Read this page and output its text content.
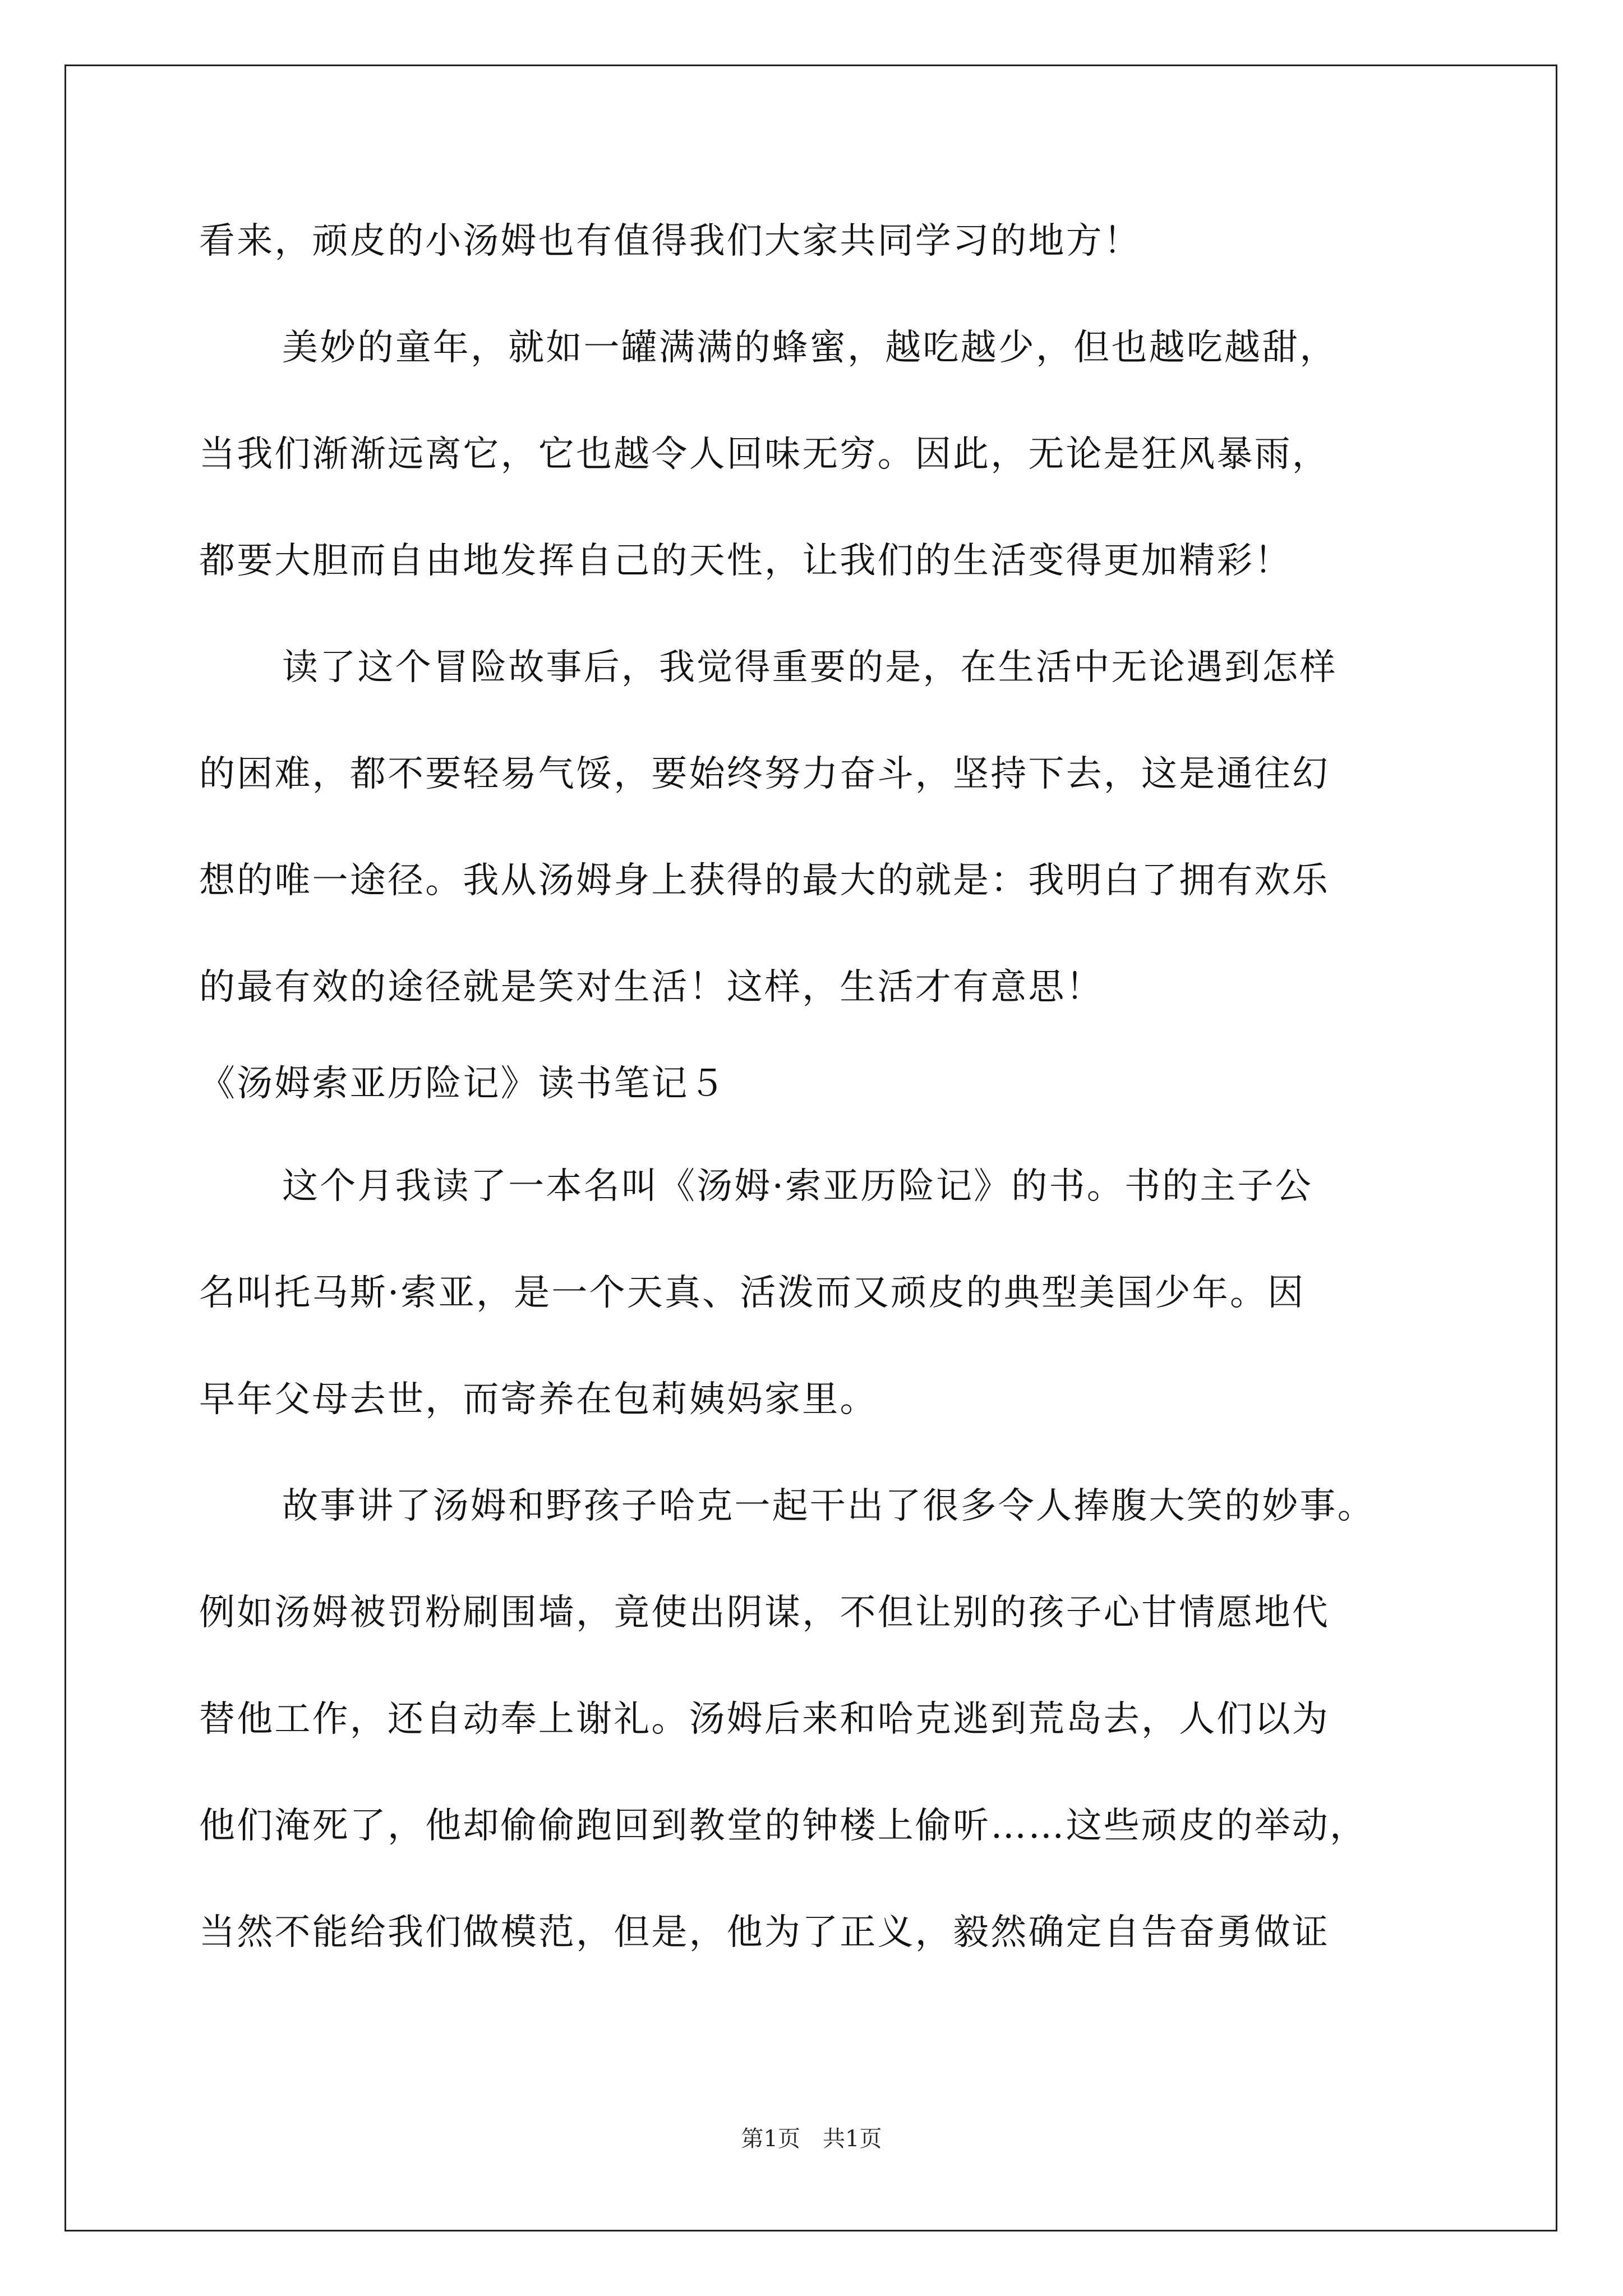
看来，顽皮的小汤姆也有值得我们大家共同学习的地方！
美妙的童年，就如一罐满满的蜂蜜，越吃越少，但也越吃越甜，
当我们渐渐远离它，它也越令人回味无穷。因此，无论是狂风暴雨，
都要大胆而自由地发挥自己的天性，让我们的生活变得更加精彩！
读了这个冒险故事后，我觉得重要的是，在生活中无论遇到怎样
的困难，都不要轻易气馁，要始终努力奋斗，坚持下去，这是通往幻
想的唯一途径。我从汤姆身上获得的最大的就是：我明白了拥有欢乐
的最有效的途径就是笑对生活！这样，生活才有意思！
《汤姆索亚历险记》读书笔记５
这个月我读了一本名叫《汤姆·索亚历险记》的书。书的主子公
名叫托马斯·索亚，是一个天真、活泼而又顽皮的典型美国少年。因
早年父母去世，而寄养在包莉姨妈家里。
故事讲了汤姆和野孩子哈克一起干出了很多令人捧腹大笑的妙事。
例如汤姆被罚粉刷围墙，竟使出阴谋，不但让别的孩子心甘情愿地代
替他工作，还自动奉上谢礼。汤姆后来和哈克逃到荒岛去，人们以为
他们淹死了，他却偷偷跑回到教堂的钟楼上偷听……这些顽皮的举动，
当然不能给我们做模范，但是，他为了正义，毅然确定自告奋勇做证
第1页　共1页
